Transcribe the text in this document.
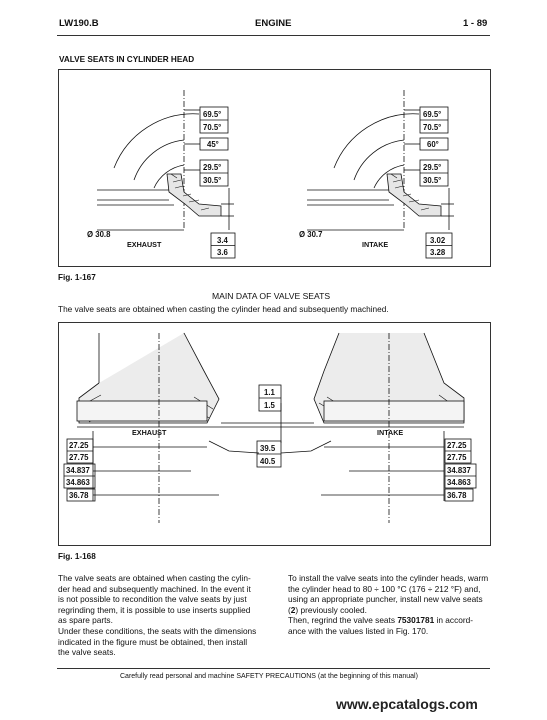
LW190.B	ENGINE	1 - 89
VALVE SEATS IN CYLINDER HEAD
69.5°
70.5°
45°
29.5°
30.5°
3.4
3.6
Ø 30.8
EXHAUST
69.5°
70.5°
60°
29.5°
30.5°
3.02
3.28
Ø 30.7
INTAKE
Fig. 1-167
MAIN DATA OF VALVE SEATS
The valve seats are obtained when casting the cylinder head and subsequently machined.
EXHAUST	INTAKE
1.1
1.5
39.5
40.5
27.25
27.75
34.837
34.863
36.78
27.25
27.75
34.837
34.863
36.78
Fig. 1-168
The valve seats are obtained when casting the cylin-
der head and subsequently machined. In the event it
is not possible to recondition the valve seats by just
regrinding them, it is possible to use inserts supplied
as spare parts.
Under these conditions, the seats with the dimensions
indicated in the figure must be obtained, then install
the valve seats.
To install the valve seats into the cylinder heads, warm
the cylinder head to 80 ÷ 100 °C (176 ÷ 212 °F) and,
using an appropriate puncher, install new valve seats
(2) previously cooled.
Then, regrind the valve seats 75301781 in accord-
ance with the values listed in Fig. 170.
Carefully read personal and machine SAFETY PRECAUTIONS (at the beginning of this manual)
www.epcatalogs.com
